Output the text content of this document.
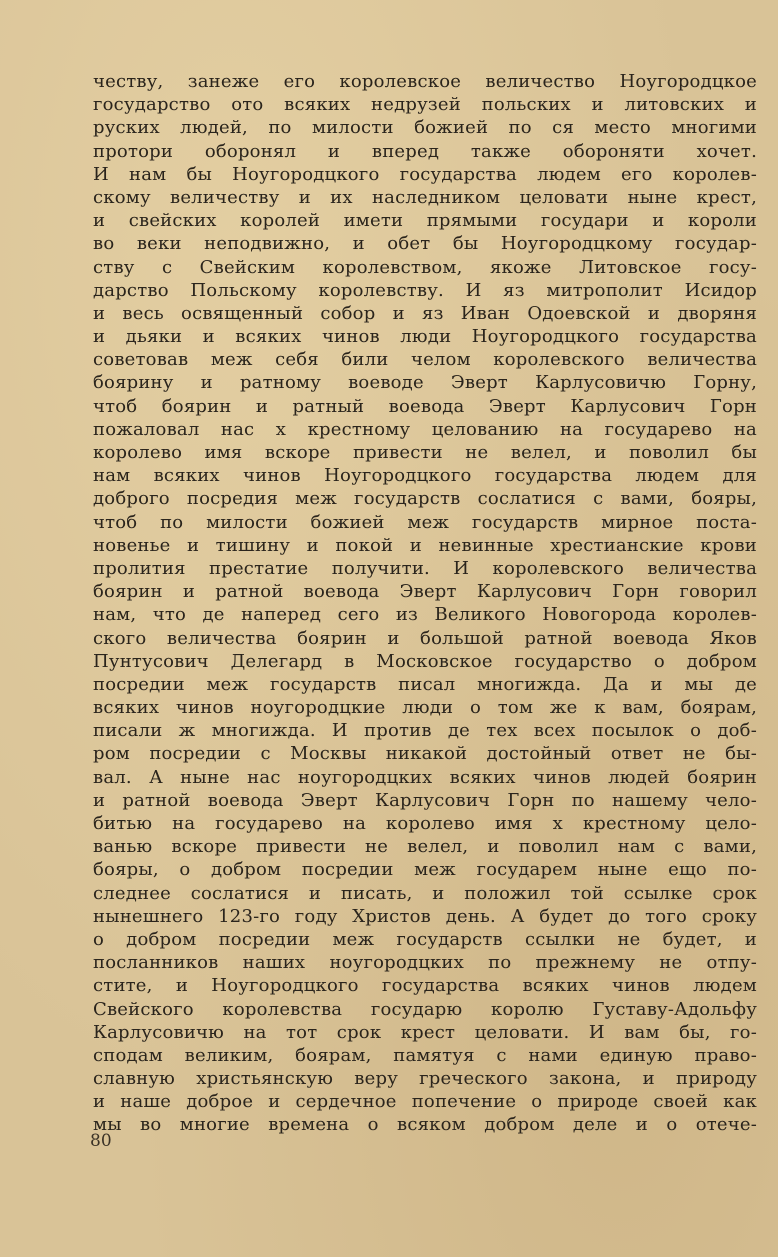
честву, занеже его королевское величество Ноугородцкое
государство ото всяких недрузей польских и литовских и
руских людей, по милости божией по ся место многими
протори оборонял и вперед также обороняти хочет.
И нам бы Ноугородцкого государства людем его королев-
скому величеству и их наследником целовати ныне крест,
и свейских королей имети прямыми государи и короли
во веки неподвижно, и обет бы Ноугородцкому государ-
ству с Свейским королевством, якоже Литовское госу-
дарство Польскому королевству. И яз митрополит Исидор
и весь освященный собор и яз Иван Одоевской и дворяня
и дьяки и всяких чинов люди Ноугородцкого государства
советовав меж себя били челом королевского величества
боярину и ратному воеводе Эверт Карлусовичю Горну,
чтоб боярин и ратный воевода Эверт Карлусович Горн
пожаловал нас х крестному целованию на государево на
королево имя вскоре привести не велел, и поволил бы
нам всяких чинов Ноугородцкого государства людем для
доброго посредия меж государств сослатися с вами, бояры,
чтоб по милости божией меж государств мирное поста-
новенье и тишину и покой и невинные хрестианские крови
пролития престатие получити. И королевского величества
боярин и ратной воевода Эверт Карлусович Горн говорил
нам, что де наперед сего из Великого Новогорода королев-
ского величества боярин и большой ратной воевода Яков
Пунтусович Делегард в Московское государство о добром
посредии меж государств писал многижда. Да и мы де
всяких чинов ноугородцкие люди о том же к вам, боярам,
писали ж многижда. И против де тех всех посылок о доб-
ром посредии с Москвы никакой достойный ответ не бы-
вал. А ныне нас ноугородцких всяких чинов людей боярин
и ратной воевода Эверт Карлусович Горн по нашему чело-
битью на государево на королево имя х крестному цело-
ванью вскоре привести не велел, и поволил нам с вами,
бояры, о добром посредии меж государем ныне ещо по-
следнее сослатися и писать, и положил той ссылке срок
нынешнего 123-го году Христов день. А будет до того сроку
о добром посредии меж государств ссылки не будет, и
посланников наших ноугородцких по прежнему не отпу-
стите, и Ноугородцкого государства всяких чинов людем
Свейского королевства государю королю Густаву-Адольфу
Карлусовичю на тот срок крест целовати. И вам бы, го-
сподам великим, боярам, памятуя с нами единую право-
славную христьянскую веру греческого закона, и природу
и наше доброе и сердечное попечение о природе своей как
мы во многие времена о всяком добром деле и о отече-
80
